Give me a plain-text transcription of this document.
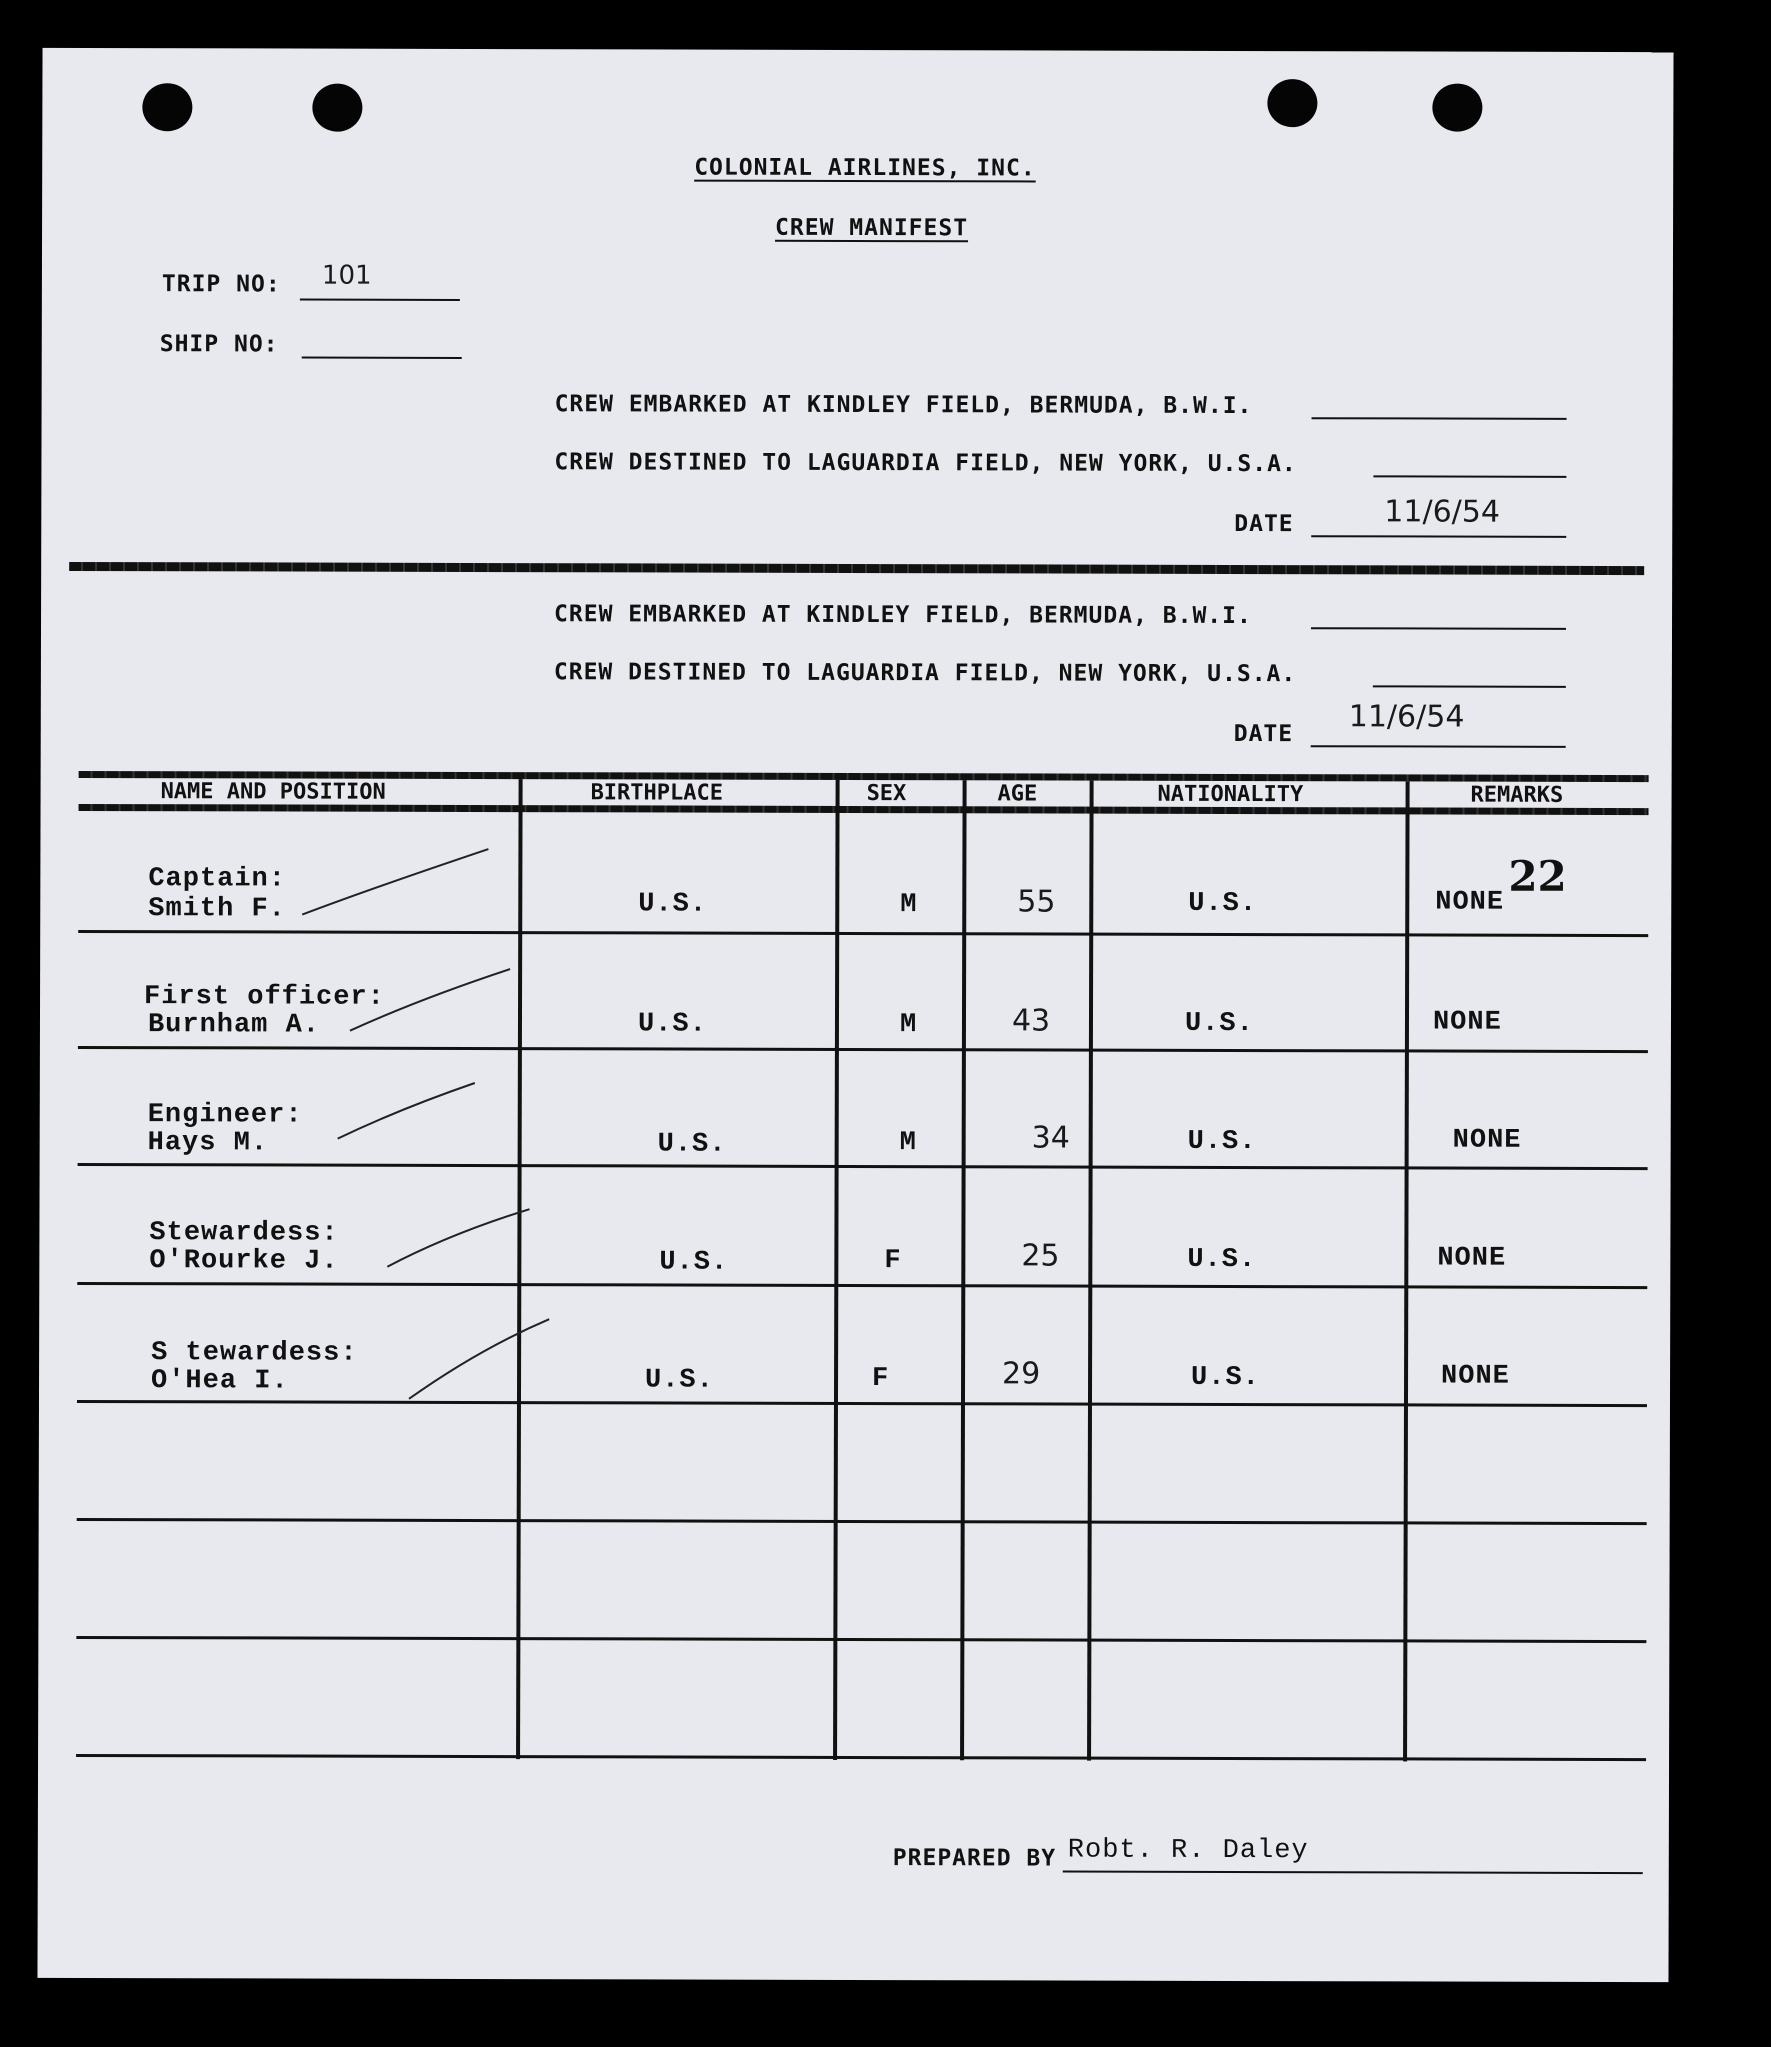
COLONIAL AIRLINES, INC.
CREW MANIFEST
TRIP NO: 101
SHIP NO:
CREW EMBARKED AT KINDLEY FIELD, BERMUDA, B.W.I.
CREW DESTINED TO LAGUARDIA FIELD, NEW YORK, U.S.A.
DATE	11/6/54
CREW EMBARKED AT KINDLEY FIELD, BERMUDA, B.W.I.
CREW DESTINED TO LAGUARDIA FIELD, NEW YORK, U.S.A.
DATE 11/6/54
NAME AND POSITION	BIRTHPLACE	SEX	AGE	NATIONALITY	REMARKS
Captain:
Smith F.	U.S.	M	55	U.S.	NONE
22
First officer:
Burnham A.	U.S.	M	43	U.S.	NONE
Engineer:
Hays M.	U.S.	M	34	U.S.	NONE
Stewardess:
O'Rourke J.	U.S.	F	25	U.S.	NONE
S tewardess:
O'Hea I.	U.S.	F	29	U.S.	NONE
PREPARED BY Robt. R. Daley
